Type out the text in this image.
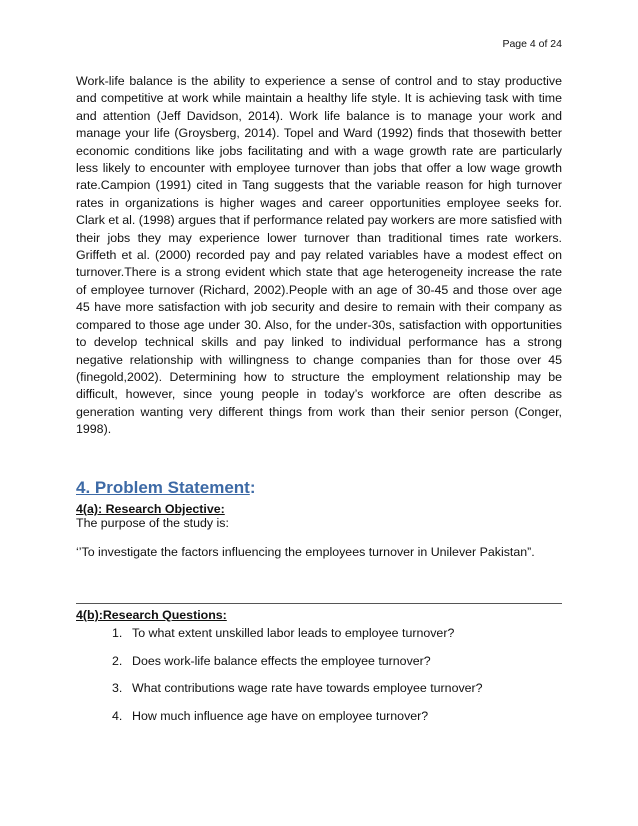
Page 4 of 24
Work-life balance is the ability to experience a sense of control and to stay productive and competitive at work while maintain a healthy life style. It is achieving task with time and attention (Jeff Davidson, 2014). Work life balance is to manage your work and manage your life (Groysberg, 2014). Topel and Ward (1992) finds that thosewith better economic conditions like jobs facilitating and with a wage growth rate are particularly less likely to encounter with employee turnover than jobs that offer a low wage growth rate.Campion (1991) cited in Tang suggests that the variable reason for high turnover rates in organizations is higher wages and career opportunities employee seeks for. Clark et al. (1998) argues that if performance related pay workers are more satisfied with their jobs they may experience lower turnover than traditional times rate workers. Griffeth et al. (2000) recorded pay and pay related variables have a modest effect on turnover.There is a strong evident which state that age heterogeneity increase the rate of employee turnover (Richard, 2002).People with an age of 30-45 and those over age 45 have more satisfaction with job security and desire to remain with their company as compared to those age under 30. Also, for the under-30s, satisfaction with opportunities to develop technical skills and pay linked to individual performance has a strong negative relationship with willingness to change companies than for those over 45 (finegold,2002). Determining how to structure the employment relationship may be difficult, however, since young people in today’s workforce are often describe as generation wanting very different things from work than their senior person (Conger, 1998).
4. Problem Statement:
4(a): Research Objective:
The purpose of the study is:
‘’To investigate the factors influencing the employees turnover in Unilever Pakistan”.
4(b):Research Questions:
1. To what extent unskilled labor leads to employee turnover?
2. Does work-life balance effects the employee turnover?
3. What contributions wage rate have towards employee turnover?
4. How much influence age have on employee turnover?
